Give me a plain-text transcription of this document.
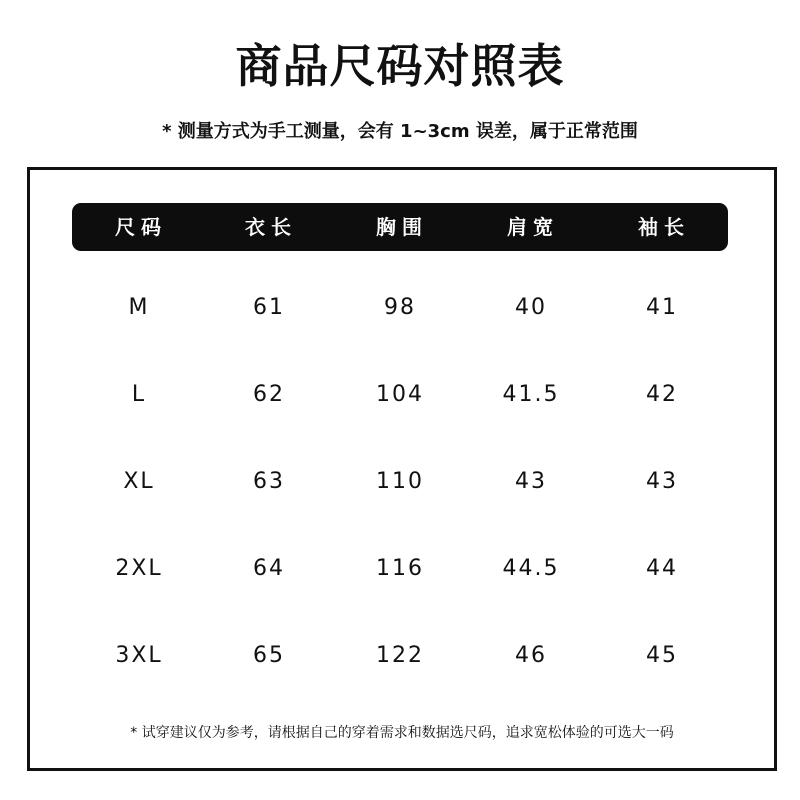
商品尺码对照表
* 测量方式为手工测量，会有 1~3cm 误差，属于正常范围
尺码	衣长	胸围	肩宽	袖长
M	61	98	40	41
L	62	104	41.5	42
XL	63	110	43	43
2XL	64	116	44.5	44
3XL	65	122	46	45
* 试穿建议仅为参考，请根据自己的穿着需求和数据选尺码，追求宽松体验的可选大一码
